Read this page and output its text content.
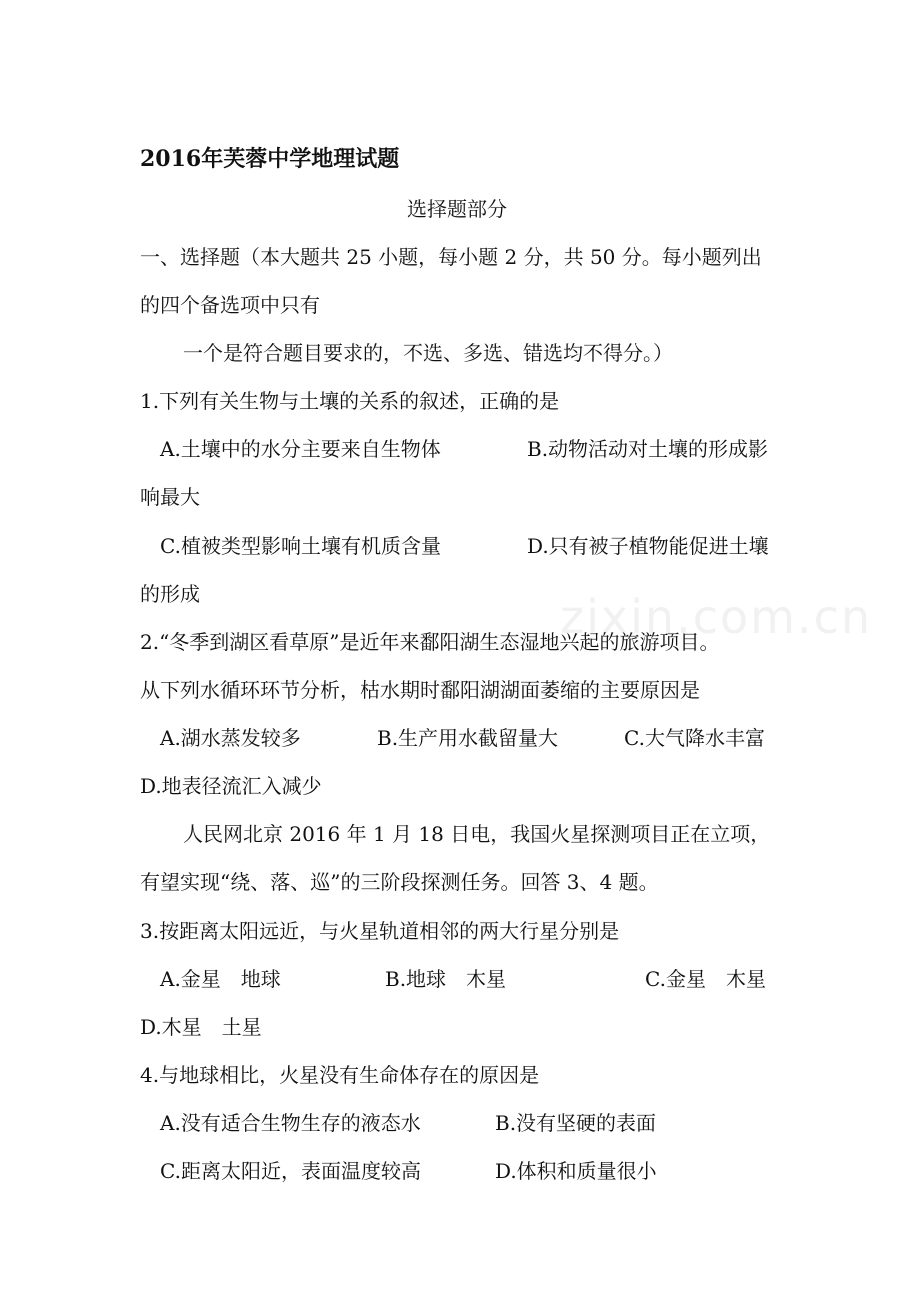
zixin.com.cn
2016年芙蓉中学地理试题
选择题部分
一、选择题（本大题共 25 小题，每小题 2 分，共 50 分。每小题列出
的四个备选项中只有
一个是符合题目要求的，不选、多选、错选均不得分。）
1.下列有关生物与土壤的关系的叙述，正确的是
A.土壤中的水分主要来自生物体	B.动物活动对土壤的形成影
响最大
C.植被类型影响土壤有机质含量	D.只有被子植物能促进土壤
的形成
2.“冬季到湖区看草原”是近年来鄱阳湖生态湿地兴起的旅游项目。
从下列水循环环节分析，枯水期时鄱阳湖湖面萎缩的主要原因是
A.湖水蒸发较多	B.生产用水截留量大	C.大气降水丰富
D.地表径流汇入减少
人民网北京 2016 年 1 月 18 日电，我国火星探测项目正在立项，
有望实现“绕、落、巡”的三阶段探测任务。回答 3、4 题。
3.按距离太阳远近，与火星轨道相邻的两大行星分别是
A.金星　地球	B.地球　木星	C.金星　木星
D.木星　土星
4.与地球相比，火星没有生命体存在的原因是
A.没有适合生物生存的液态水	B.没有坚硬的表面
C.距离太阳近，表面温度较高	D.体积和质量很小
